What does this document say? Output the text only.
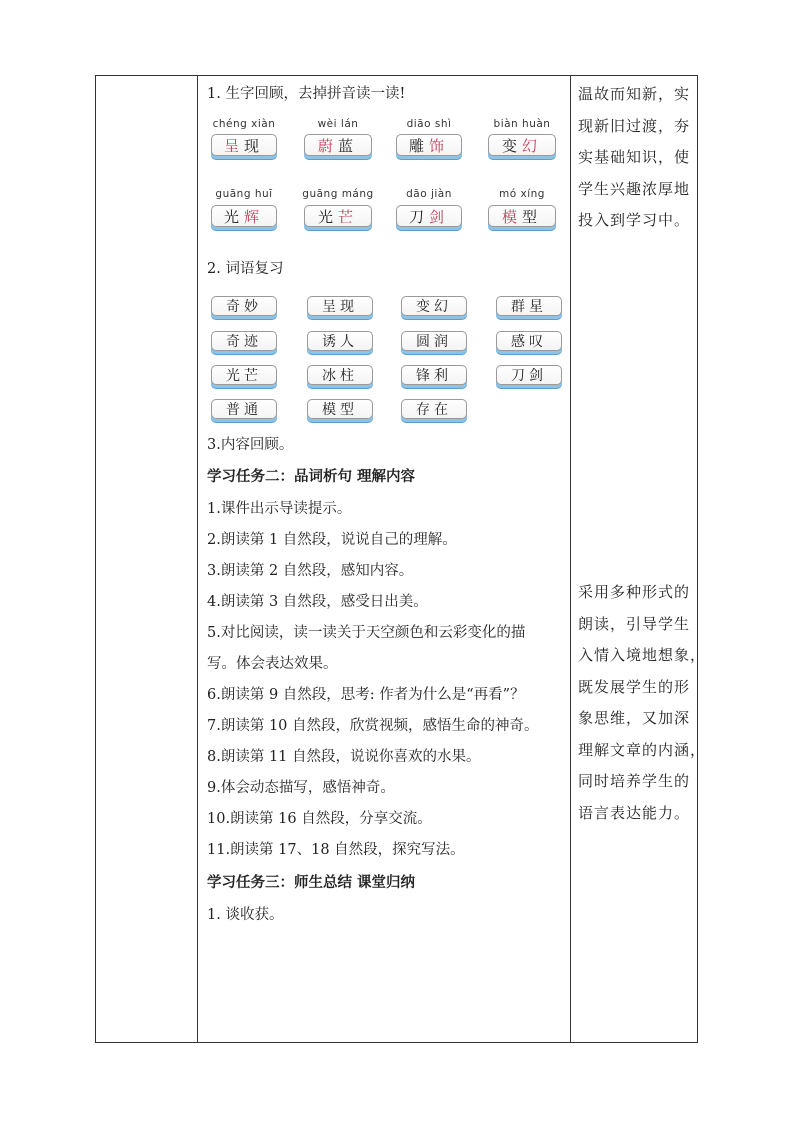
1. 生字回顾，去掉拼音读一读!
chéng xiàn
呈现
wèi lán
蔚蓝
diāo shì
雕饰
biàn huàn
变幻
guāng huī
光辉
guāng máng
光芒
dāo jiàn
刀剑
mó xíng
模型
2. 词语复习
奇妙	呈现	变幻	群星
奇迹	诱人	圆润	感叹
光芒	冰柱	锋利	刀剑
普通	模型	存在
3.内容回顾。
学习任务二：品词析句 理解内容
1.课件出示导读提示。
2.朗读第 1 自然段，说说自己的理解。
3.朗读第 2 自然段，感知内容。
4.朗读第 3 自然段，感受日出美。
5.对比阅读，读一读关于天空颜色和云彩变化的描
写。体会表达效果。
6.朗读第 9 自然段，思考: 作者为什么是“再看”？
7.朗读第 10 自然段，欣赏视频，感悟生命的神奇。
8.朗读第 11 自然段，说说你喜欢的水果。
9.体会动态描写，感悟神奇。
10.朗读第 16 自然段，分享交流。
11.朗读第 17、18 自然段，探究写法。
学习任务三：师生总结 课堂归纳
1. 谈收获。
温故而知新，实
现新旧过渡，夯
实基础知识，使
学生兴趣浓厚地
投入到学习中。
采用多种形式的
朗读，引导学生
入情入境地想象，
既发展学生的形
象思维，又加深
理解文章的内涵，
同时培养学生的
语言表达能力。
